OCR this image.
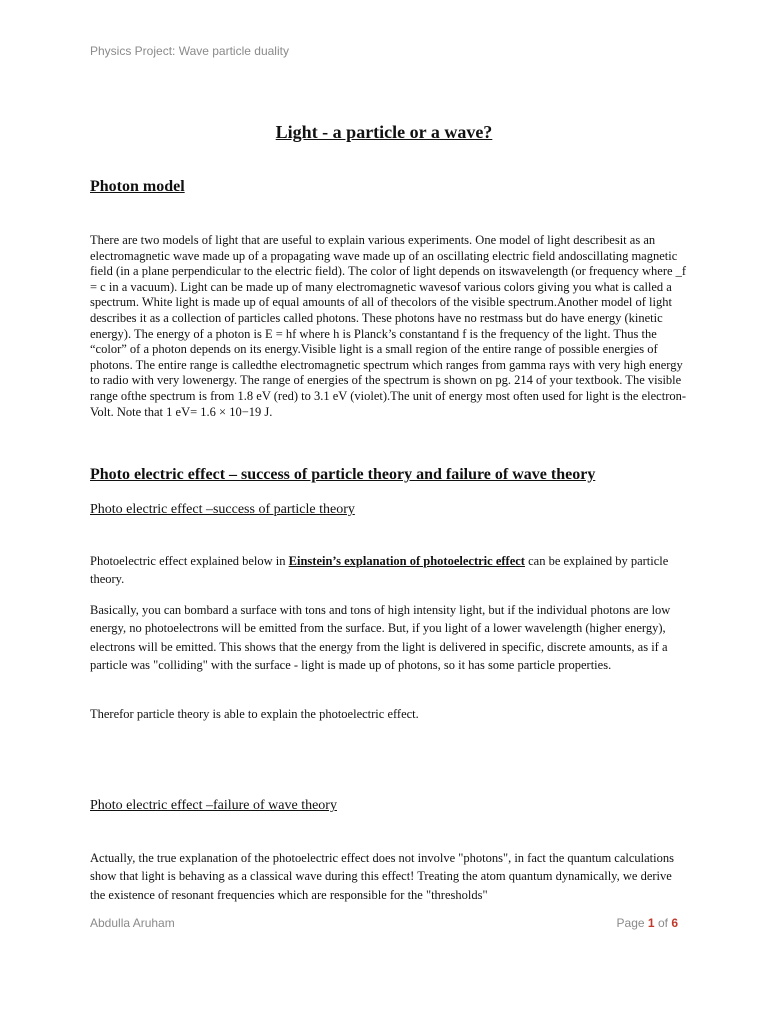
Physics Project: Wave particle duality
Light - a particle or a wave?
Photon model
There are two models of light that are useful to explain various experiments. One model of light describesit as an electromagnetic wave made up of a propagating wave made up of an oscillating electric field andoscillating magnetic field (in a plane perpendicular to the electric field). The color of light depends on itswavelength (or frequency where _f = c in a vacuum). Light can be made up of many electromagnetic wavesof various colors giving you what is called a spectrum. White light is made up of equal amounts of all of thecolors of the visible spectrum.Another model of light describes it as a collection of particles called photons. These photons have no restmass but do have energy (kinetic energy). The energy of a photon is E = hf where h is Planck’s constantand f is the frequency of the light. Thus the “color” of a photon depends on its energy.Visible light is a small region of the entire range of possible energies of photons. The entire range is calledthe electromagnetic spectrum which ranges from gamma rays with very high energy to radio with very lowenergy. The range of energies of the spectrum is shown on pg. 214 of your textbook. The visible range ofthe spectrum is from 1.8 eV (red) to 3.1 eV (violet).The unit of energy most often used for light is the electron-Volt. Note that 1 eV= 1.6 × 10−19 J.
Photo electric effect – success of particle theory and failure of wave theory
Photo electric effect –success of particle theory
Photoelectric effect explained below in Einstein’s explanation of photoelectric effect can be explained by particle theory.
Basically, you can bombard a surface with tons and tons of high intensity light, but if the individual photons are low energy, no photoelectrons will be emitted from the surface. But, if you light of a lower wavelength (higher energy), electrons will be emitted. This shows that the energy from the light is delivered in specific, discrete amounts, as if a particle was "colliding" with the surface - light is made up of photons, so it has some particle properties.
Therefor particle theory is able to explain the photoelectric effect.
Photo electric effect –failure of wave theory
Actually, the true explanation of the photoelectric effect does not involve "photons", in fact the quantum calculations show that light is behaving as a classical wave during this effect! Treating the atom quantum dynamically, we derive the existence of resonant frequencies which are responsible for the "thresholds"
Abdulla Aruham	Page 1 of 6
